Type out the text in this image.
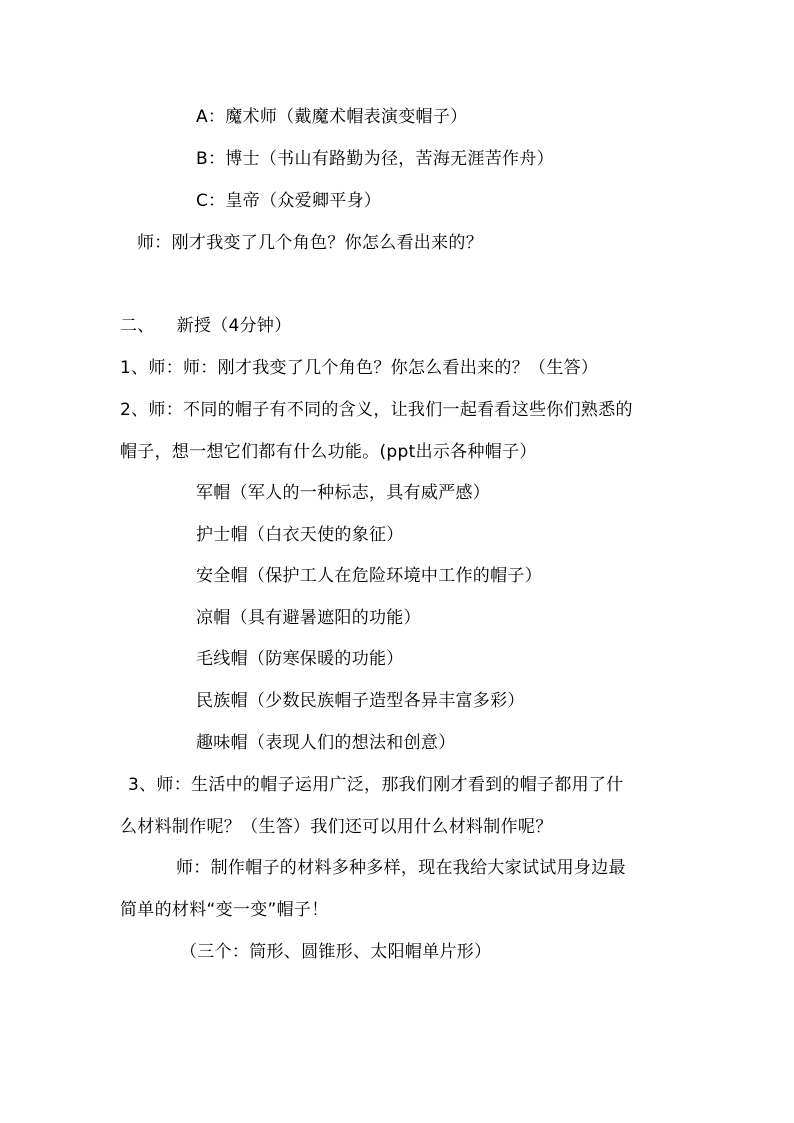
A：魔术师（戴魔术帽表演变帽子）
B：博士（书山有路勤为径，苦海无涯苦作舟）
C：皇帝（众爱卿平身）
师：刚才我变了几个角色？你怎么看出来的？
二、 新授（4分钟）
1、师：师：刚才我变了几个角色？你怎么看出来的？（生答）
2、师：不同的帽子有不同的含义，让我们一起看看这些你们熟悉的
帽子，想一想它们都有什么功能。(ppt出示各种帽子）
军帽（军人的一种标志，具有威严感）
护士帽（白衣天使的象征）
安全帽（保护工人在危险环境中工作的帽子）
凉帽（具有避暑遮阳的功能）
毛线帽（防寒保暖的功能）
民族帽（少数民族帽子造型各异丰富多彩）
趣味帽（表现人们的想法和创意）
3、师：生活中的帽子运用广泛，那我们刚才看到的帽子都用了什
么材料制作呢？（生答）我们还可以用什么材料制作呢？
师：制作帽子的材料多种多样，现在我给大家试试用身边最
简单的材料“变一变”帽子！
（三个：筒形、圆锥形、太阳帽单片形）
